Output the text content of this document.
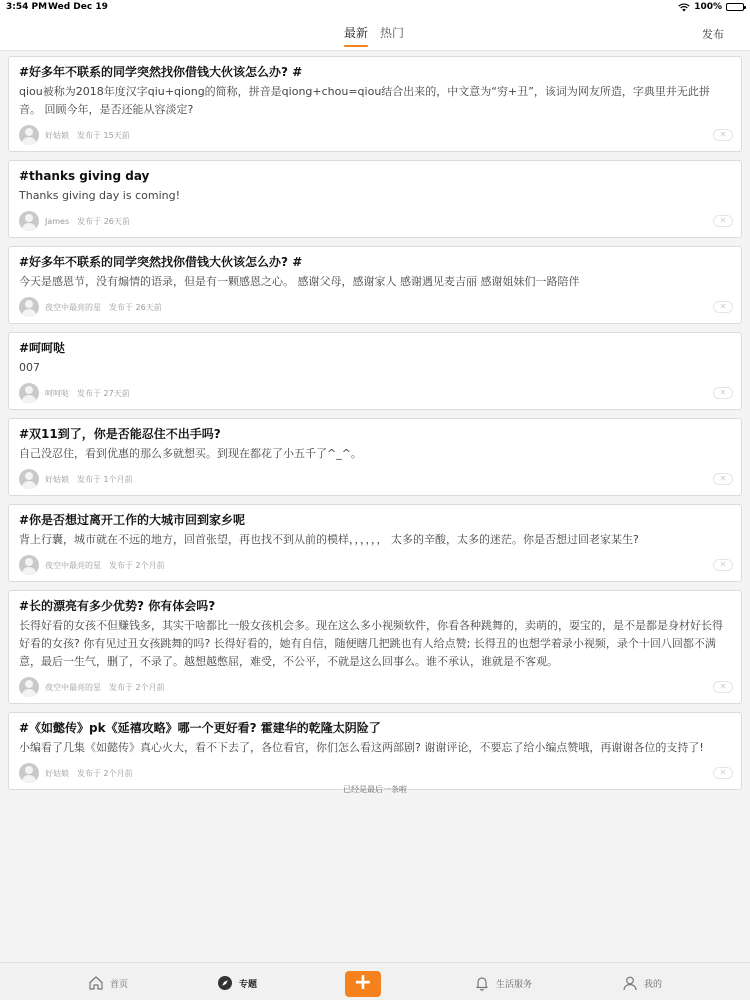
3:54 PM Wed Dec 19	100%
最新 热门	发布
#好多年不联系的同学突然找你借钱大伙该怎么办? #
qiou被称为2018年度汉字qiu+qiong的简称，拼音是qiong+chou=qiou结合出来的，中文意为“穷+丑”，该词为网友所造，字典里并无此拼音。 回顾今年，是否还能从容淡定?
好姑娘 发布于 15天前	✕
#thanks giving day
Thanks giving day is coming!
James 发布于 26天前	✕
#好多年不联系的同学突然找你借钱大伙该怎么办? #
今天是感恩节，没有煽情的语录，但是有一颗感恩之心。 感谢父母，感谢家人 感谢遇见麦吉丽 感谢姐妹们一路陪伴
夜空中最亮的星 发布于 26天前	✕
#呵呵哒
007
呵呵哒 发布于 27天前	✕
#双11到了，你是否能忍住不出手吗?
自己没忍住，看到优惠的那么多就想买。到现在都花了小五千了^_^。
好姑娘 发布于 1个月前	✕
#你是否想过离开工作的大城市回到家乡呢
背上行囊，城市就在不远的地方，回首张望，再也找不到从前的模样，，，，，， 太多的辛酸，太多的迷茫。你是否想过回老家某生?
夜空中最亮的星 发布于 2个月前	✕
#长的漂亮有多少优势? 你有体会吗?
长得好看的女孩不但赚钱多，其实干啥都比一般女孩机会多。现在这么多小视频软件，你看各种跳舞的，卖萌的，耍宝的，是不是都是身材好长得好看的女孩? 你有见过丑女孩跳舞的吗? 长得好看的，她有自信，随便瞎几把跳也有人给点赞; 长得丑的也想学着录小视频，录个十回八回都不满意，最后一生气，删了，不录了。越想越憋屈，难受，不公平，不就是这么回事么。谁不承认，谁就是不客观。
夜空中最亮的星 发布于 2个月前	✕
#《如懿传》pk《延禧攻略》哪一个更好看? 霍建华的乾隆太阴险了
小编看了几集《如懿传》真心火大，看不下去了，各位看官，你们怎么看这两部剧? 谢谢评论，不要忘了给小编点赞哦，再谢谢各位的支持了!
好姑娘 发布于 2个月前	✕
已经是最后一条啦
首页	专题	+	生活服务	我的
